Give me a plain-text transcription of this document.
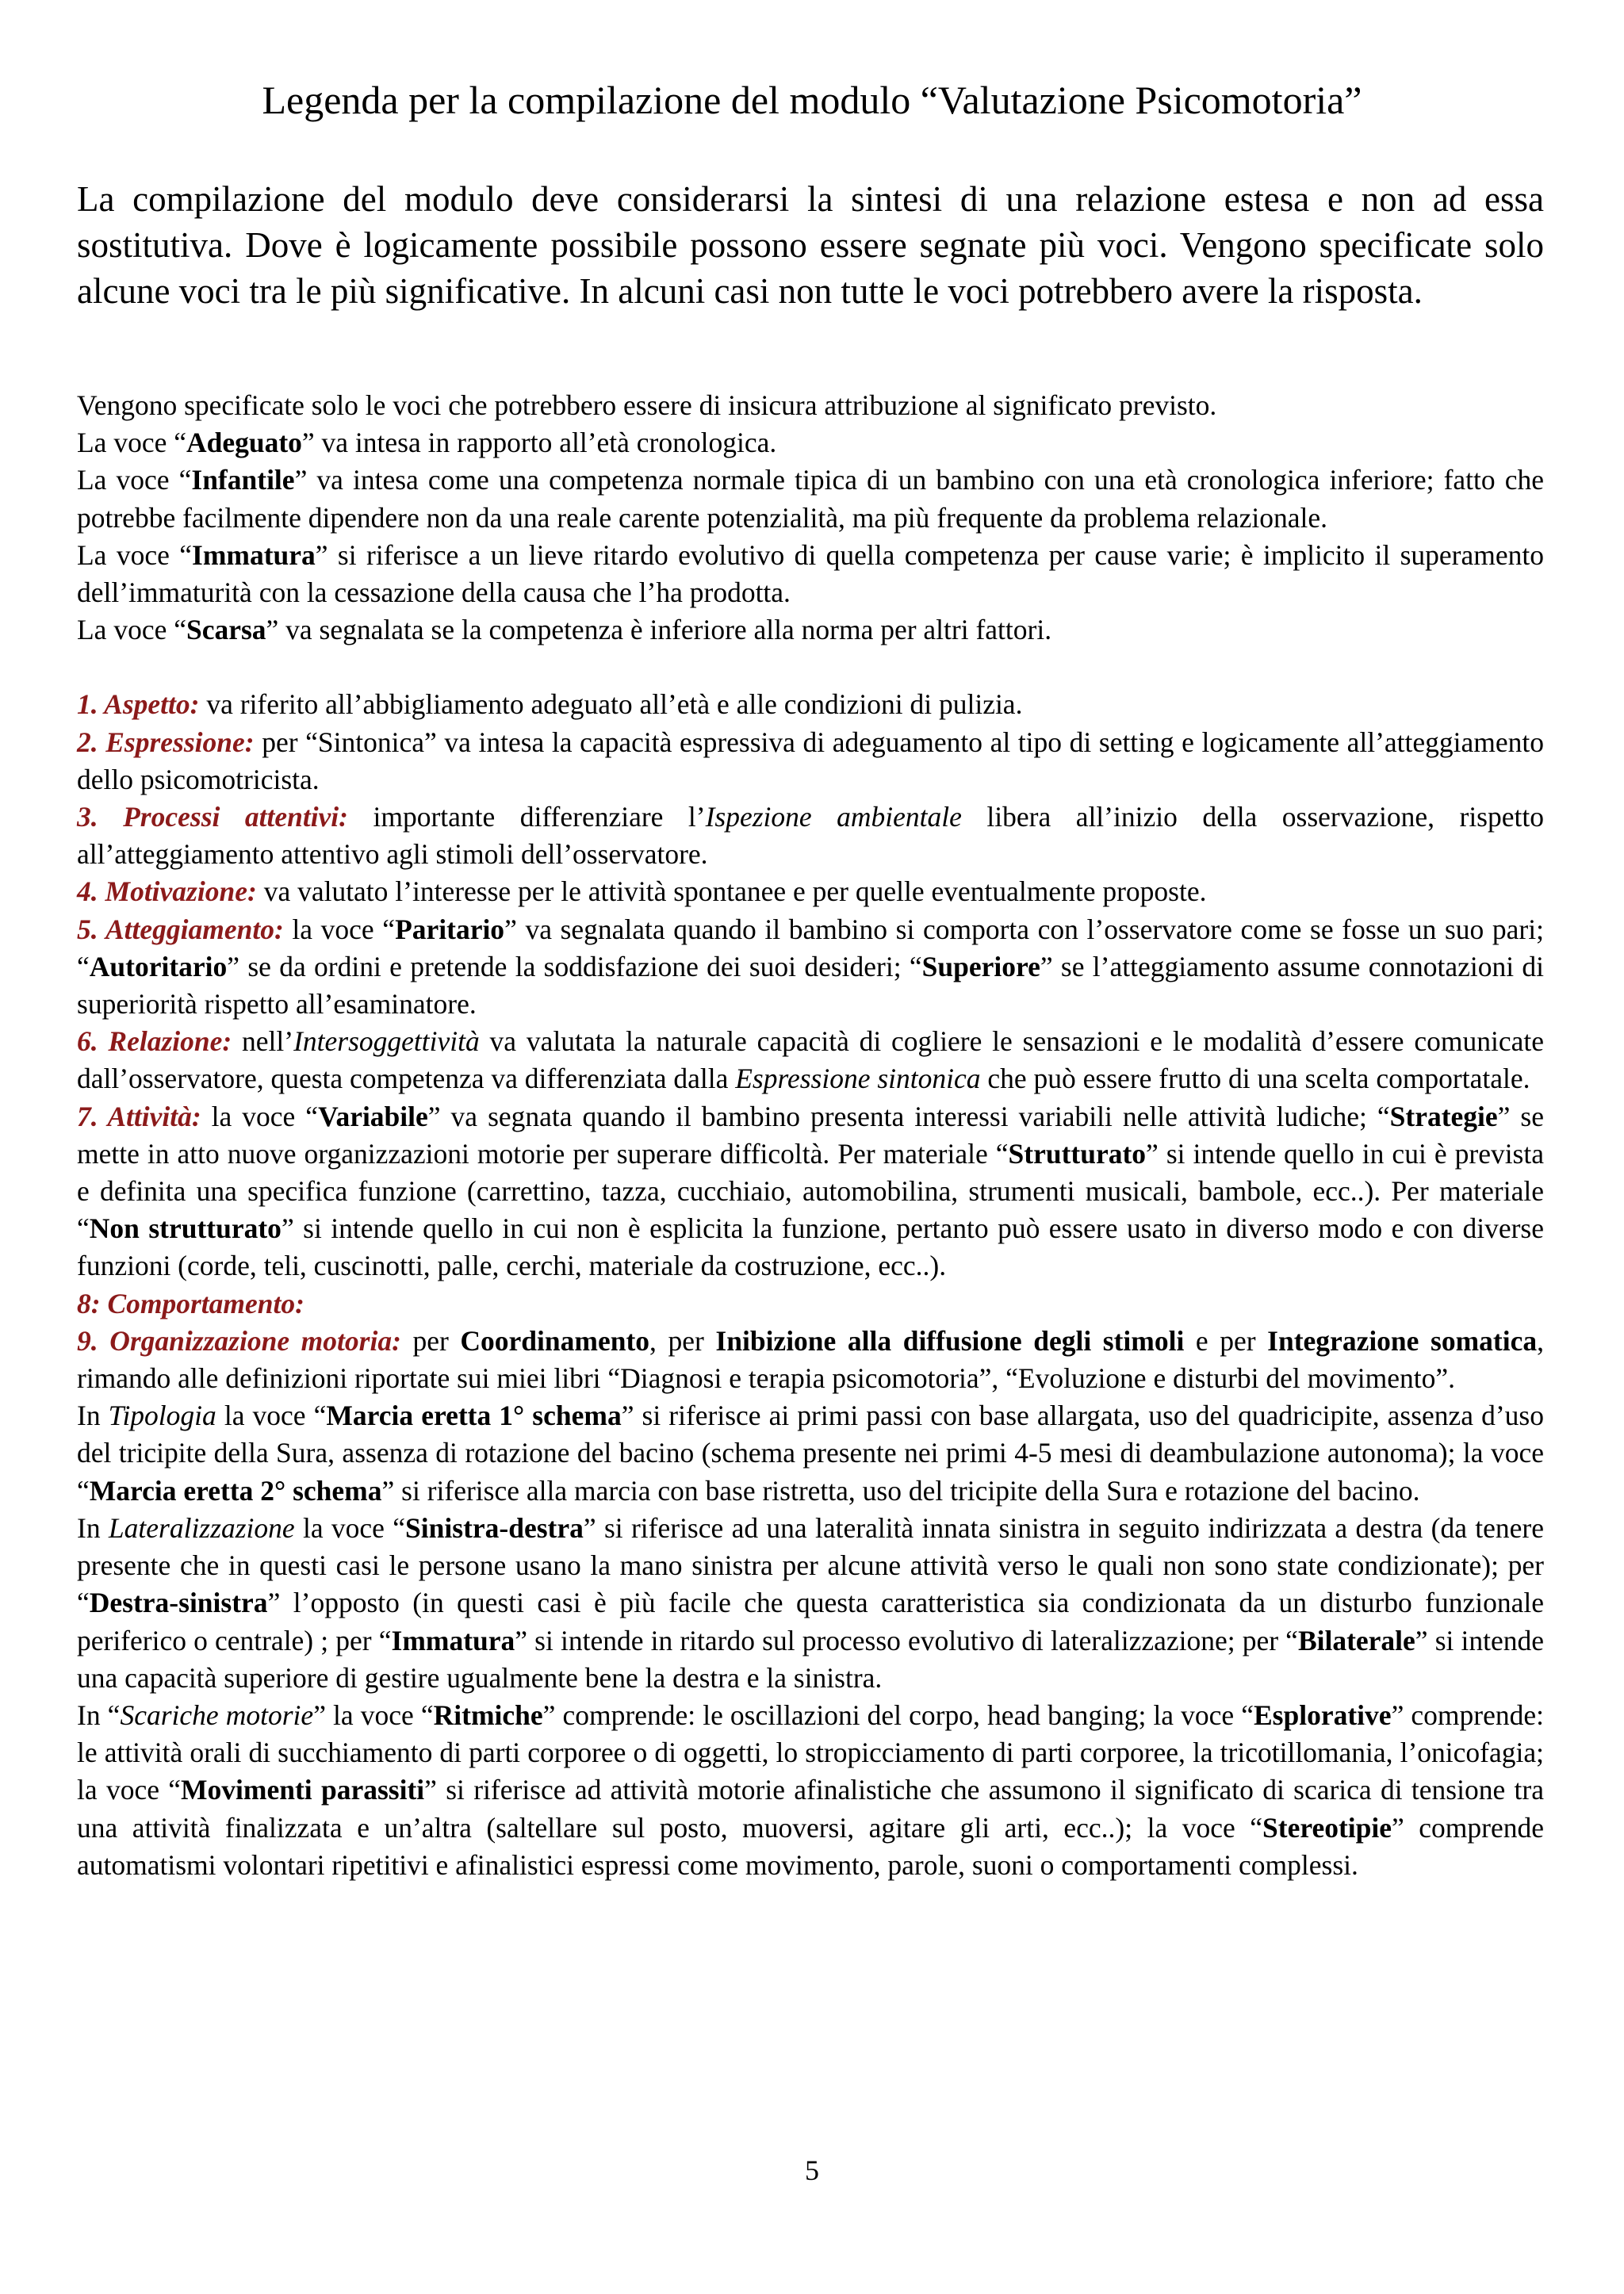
Legenda per la compilazione del modulo “Valutazione Psicomotoria”

La compilazione del modulo deve considerarsi la sintesi di una relazione estesa e non ad essa sostitutiva. Dove è logicamente possibile possono essere segnate più voci. Vengono specificate solo alcune voci tra le più significative. In alcuni casi non tutte le voci potrebbero avere la risposta.

Vengono specificate solo le voci che potrebbero essere di insicura attribuzione al significato previsto.

La voce “Adeguato” va intesa in rapporto all’età cronologica.

La voce “Infantile” va intesa come una competenza normale tipica di un bambino con una età cronologica inferiore; fatto che potrebbe facilmente dipendere non da una reale carente potenzialità, ma più frequente da problema relazionale.

La voce “Immatura” si riferisce a un lieve ritardo evolutivo di quella competenza per cause varie; è implicito il superamento dell’immaturità con la cessazione della causa che l’ha prodotta.

La voce “Scarsa” va segnalata se la competenza è inferiore alla norma per altri fattori.

1. Aspetto: va riferito all’abbigliamento adeguato all’età e alle condizioni di pulizia.

2. Espressione: per “Sintonica” va intesa la capacità espressiva di adeguamento al tipo di setting e logicamente all’atteggiamento dello psicomotricista.

3. Processi attentivi: importante differenziare l’Ispezione ambientale libera all’inizio della osservazione, rispetto all’atteggiamento attentivo agli stimoli dell’osservatore.

4. Motivazione: va valutato l’interesse per le attività spontanee e per quelle eventualmente proposte.

5. Atteggiamento: la voce “Paritario” va segnalata quando il bambino si comporta con l’osservatore come se fosse un suo pari; “Autoritario” se da ordini e pretende la soddisfazione dei suoi desideri; “Superiore” se l’atteggiamento assume connotazioni di superiorità rispetto all’esaminatore.

6. Relazione: nell’Intersoggettività va valutata la naturale capacità di cogliere le sensazioni e le modalità d’essere comunicate dall’osservatore, questa competenza va differenziata dalla Espressione sintonica che può essere frutto di una scelta comportatale.

7. Attività: la voce “Variabile” va segnata quando il bambino presenta interessi variabili nelle attività ludiche; “Strategie” se mette in atto nuove organizzazioni motorie per superare difficoltà. Per materiale “Strutturato” si intende quello in cui è prevista e definita una specifica funzione (carrettino, tazza, cucchiaio, automobilina, strumenti musicali, bambole, ecc..). Per materiale “Non strutturato” si intende quello in cui non è esplicita la funzione, pertanto può essere usato in diverso modo e con diverse funzioni (corde, teli, cuscinotti, palle, cerchi, materiale da costruzione, ecc..).

8: Comportamento:

9. Organizzazione motoria: per Coordinamento, per Inibizione alla diffusione degli stimoli e per Integrazione somatica, rimando alle definizioni riportate sui miei libri “Diagnosi e terapia psicomotoria”, “Evoluzione e disturbi del movimento”.

In Tipologia la voce “Marcia eretta 1° schema” si riferisce ai primi passi con base allargata, uso del quadricipite, assenza d’uso del tricipite della Sura, assenza di rotazione del bacino (schema presente nei primi 4-5 mesi di deambulazione autonoma); la voce “Marcia eretta 2° schema” si riferisce alla marcia con base ristretta, uso del tricipite della Sura e rotazione del bacino.

In Lateralizzazione la voce “Sinistra-destra” si riferisce ad una lateralità innata sinistra in seguito indirizzata a destra (da tenere presente che in questi casi le persone usano la mano sinistra per alcune attività verso le quali non sono state condizionate); per “Destra-sinistra” l’opposto (in questi casi è più facile che questa caratteristica sia condizionata da un disturbo funzionale periferico o centrale) ; per “Immatura” si intende in ritardo sul processo evolutivo di lateralizzazione; per “Bilaterale” si intende una capacità superiore di gestire ugualmente bene la destra e la sinistra.

In “Scariche motorie” la voce “Ritmiche” comprende: le oscillazioni del corpo, head banging; la voce “Esplorative” comprende: le attività orali di succhiamento di parti corporee o di oggetti, lo stropicciamento di parti corporee, la tricotillomania, l’onicofagia; la voce “Movimenti parassiti” si riferisce ad attività motorie afinalistiche che assumono il significato di scarica di tensione tra una attività finalizzata e un’altra (saltellare sul posto, muoversi, agitare gli arti, ecc..); la voce “Stereotipie” comprende automatismi volontari ripetitivi e afinalistici espressi come movimento, parole, suoni o comportamenti complessi.

5
